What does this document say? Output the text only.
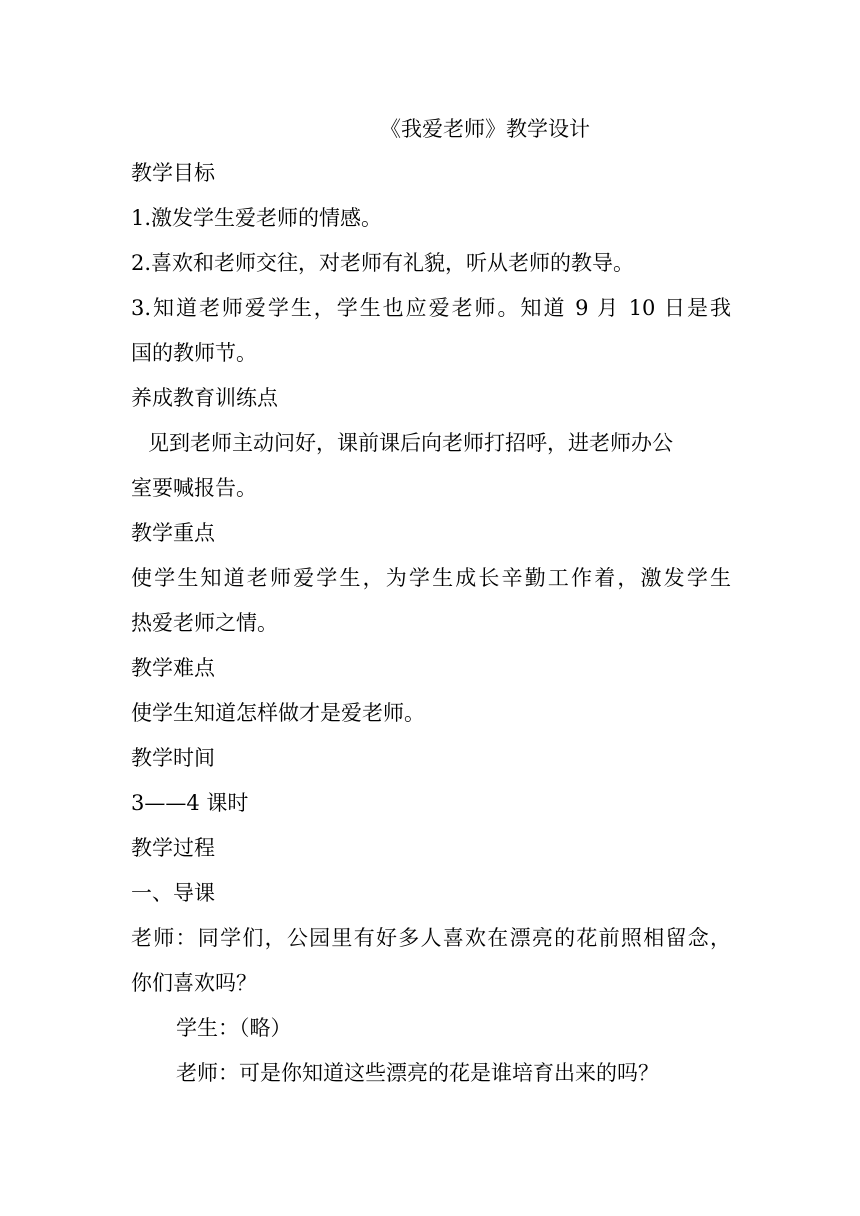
《我爱老师》教学设计
教学目标
1.激发学生爱老师的情感。
2.喜欢和老师交往，对老师有礼貌，听从老师的教导。
3.知道老师爱学生，学生也应爱老师。知道 9 月 10 日是我
国的教师节。
养成教育训练点
见到老师主动问好，课前课后向老师打招呼，进老师办公
室要喊报告。
教学重点
使学生知道老师爱学生，为学生成长辛勤工作着，激发学生
热爱老师之情。
教学难点
使学生知道怎样做才是爱老师。
教学时间
3——4 课时
教学过程
一、导课
老师：同学们，公园里有好多人喜欢在漂亮的花前照相留念，
你们喜欢吗？
学生：（略）
老师：可是你知道这些漂亮的花是谁培育出来的吗？
